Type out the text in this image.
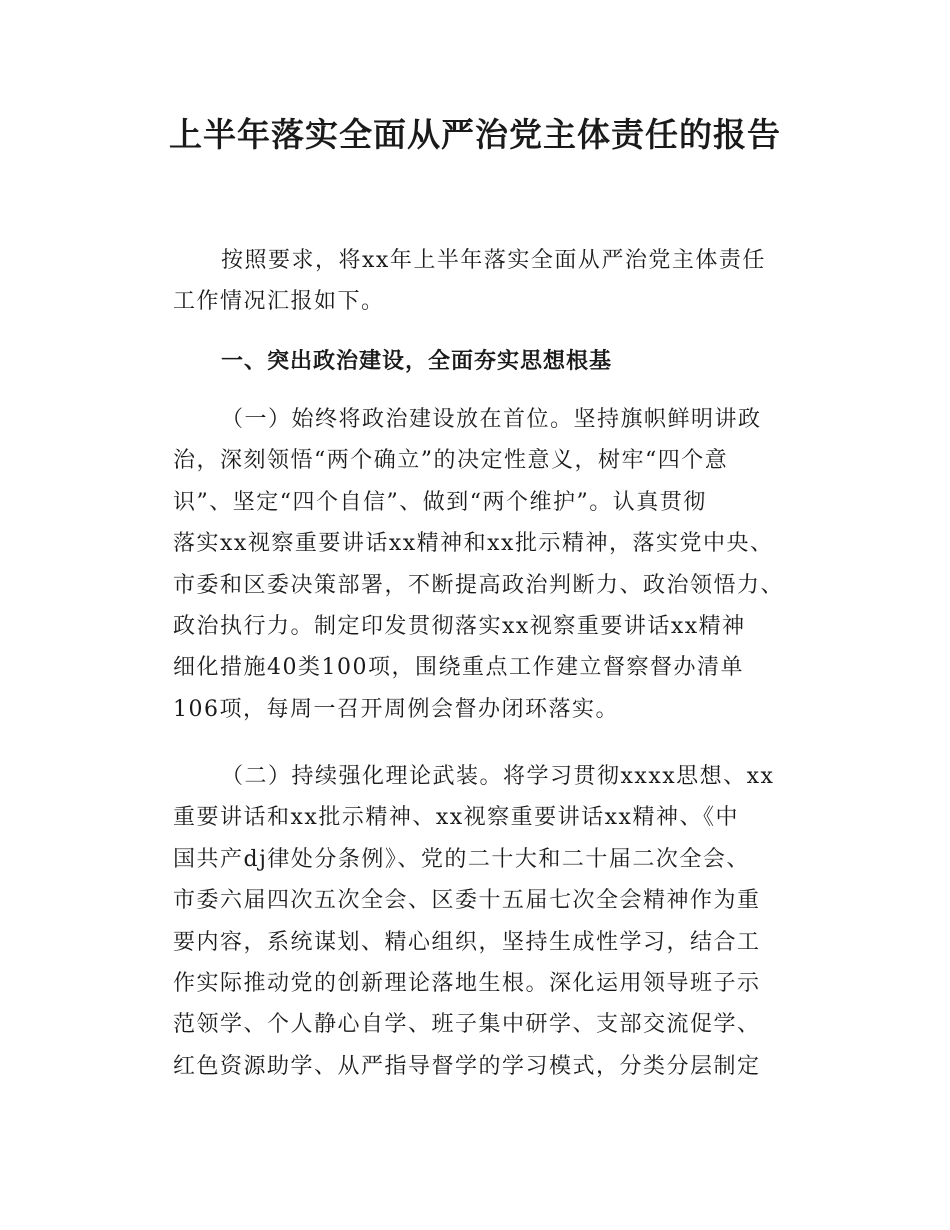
上半年落实全面从严治党主体责任的报告

按照要求，将xx年上半年落实全面从严治党主体责任
工作情况汇报如下。

一、突出政治建设，全面夯实思想根基

（一）始终将政治建设放在首位。坚持旗帜鲜明讲政
治，深刻领悟“两个确立”的决定性意义，树牢“四个意
识”、坚定“四个自信”、做到“两个维护”。认真贯彻
落实xx视察重要讲话xx精神和xx批示精神，落实党中央、
市委和区委决策部署，不断提高政治判断力、政治领悟力、
政治执行力。制定印发贯彻落实xx视察重要讲话xx精神
细化措施40类100项，围绕重点工作建立督察督办清单
106项，每周一召开周例会督办闭环落实。

（二）持续强化理论武装。将学习贯彻xxxx思想、xx
重要讲话和xx批示精神、xx视察重要讲话xx精神、《中
国共产dj律处分条例》、党的二十大和二十届二次全会、
市委六届四次五次全会、区委十五届七次全会精神作为重
要内容，系统谋划、精心组织，坚持生成性学习，结合工
作实际推动党的创新理论落地生根。深化运用领导班子示
范领学、个人静心自学、班子集中研学、支部交流促学、
红色资源助学、从严指导督学的学习模式，分类分层制定
